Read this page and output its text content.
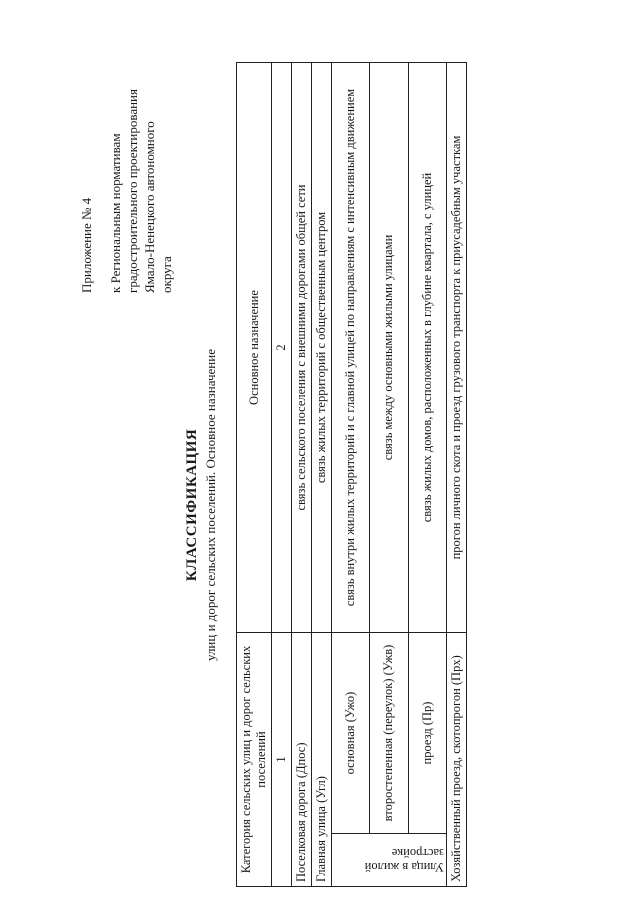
Приложение № 4 к Региональным нормативам градостроительного проектирования Ямало-Ненецкого автономного округа
КЛАССИФИКАЦИЯ улиц и дорог сельских поселений. Основное назначение
Категория сельских улиц и дорог сельских поселений		Основное назначение
1		2
Поселковая дорога (Дпос)		связь сельского поселения с внешними дорогами общей сети
Главная улица (Угл)		связь жилых территорий с общественным центром

Улица в жилой застройке	основная (Ужо)	связь внутри жилых территорий и с главной улицей по направлениям с интенсивным движением
	второстепенная (переулок) (Ужв)	связь между основными жилыми улицами
	проезд (Пр)	связь жилых домов, расположенных в глубине квартала, с улицей
Хозяйственный проезд, скотопрогон (Прх)		прогон личного скота и проезд грузового транспорта к приусадебным участкам
